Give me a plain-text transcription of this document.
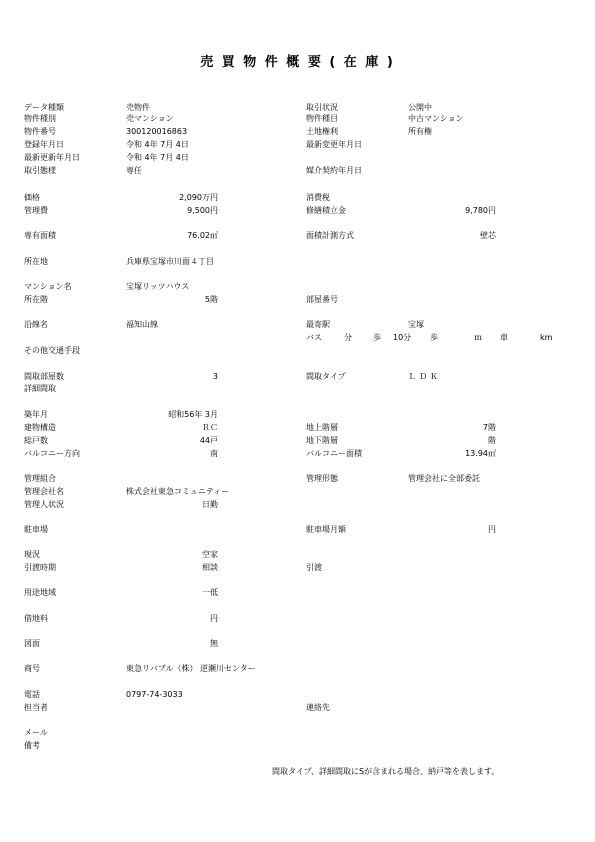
売 買 物 件 概 要 ( 在 庫 )
データ種類	売物件
物件種別	売マンション
物件番号	300120016863
登録年月日	令和 4年 7月 4日
最新更新年月日	令和 4年 7月 4日
取引態様	専任
価格	2,090万円
管理費	9,500円
専有面積	76.02㎡
所在地	兵庫県宝塚市川面４丁目
マンション名	宝塚リッツハウス
所在階	5階
沿線名	福知山線
その他交通手段
間取部屋数	3
詳細間取
築年月	昭和56年 3月
建物構造	ＲＣ
総戸数	44戸
バルコニー方向	南
管理組合
管理会社名	株式会社東急コミュニティー
管理人状況	日勤
駐車場
現況	空家
引渡時期	相談
用途地域	一低
借地料	円
図面	無
商号	東急リバブル（株） 逆瀬川センター
電話	0797-74-3033
担当者
メール
備考
取引状況	公開中
物件種目	中古マンション
土地権利	所有権
最新変更年月日
媒介契約年月日
消費税
修繕積立金	9,780円
面積計測方式	壁芯
部屋番号
最寄駅	宝塚
バス	分	歩 10分 歩	ｍ 車	km
間取タイプ	ＬＤＫ
地上階層	7階
地下階層	階
バルコニー面積	13.94㎡
管理形態	管理会社に全部委託
駐車場月額	円
引渡
連絡先
間取タイプ、詳細間取にSが含まれる場合、納戸等を表します。
